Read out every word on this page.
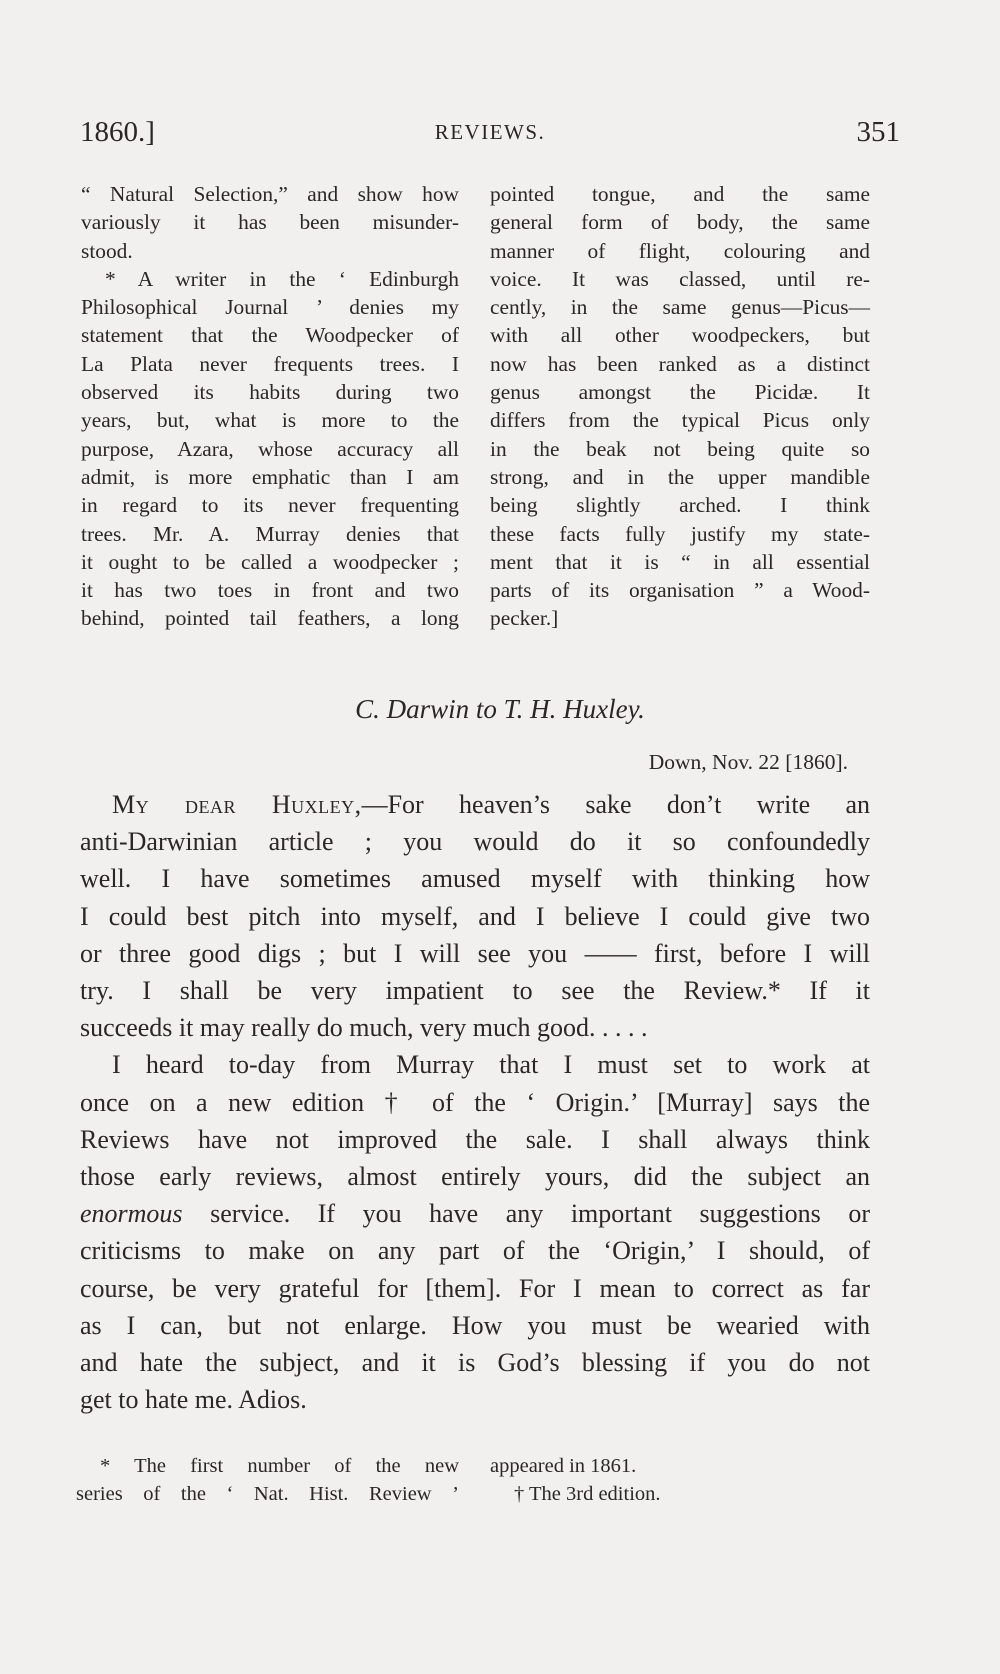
1860.]	REVIEWS.	351

“ Natural Selection,” and show how

variously it has been misunder-

stood.

* A writer in the ‘ Edinburgh

Philosophical Journal ’ denies my

statement that the Woodpecker of

La Plata never frequents trees. I

observed its habits during two

years, but, what is more to the

purpose, Azara, whose accuracy all

admit, is more emphatic than I am

in regard to its never frequenting

trees. Mr. A. Murray denies that

it ought to be called a woodpecker ;

it has two toes in front and two

behind, pointed tail feathers, a long

pointed tongue, and the same

general form of body, the same

manner of flight, colouring and

voice. It was classed, until re-

cently, in the same genus—Picus—

with all other woodpeckers, but

now has been ranked as a distinct

genus amongst the Picidæ. It

differs from the typical Picus only

in the beak not being quite so

strong, and in the upper mandible

being slightly arched. I think

these facts fully justify my state-

ment that it is “ in all essential

parts of its organisation ” a Wood-

pecker.]

C. Darwin to T. H. Huxley.
Down, Nov. 22 [1860].

My dear Huxley,—For heaven’s sake don’t write an

anti-Darwinian article ; you would do it so confoundedly

well. I have sometimes amused myself with thinking how

I could best pitch into myself, and I believe I could give two

or three good digs ; but I will see you —— first, before I will

try. I shall be very impatient to see the Review.* If it

succeeds it may really do much, very much good. . . . .

I heard to-day from Murray that I must set to work at

once on a new edition † of the ‘ Origin.’ [Murray] says the

Reviews have not improved the sale. I shall always think

those early reviews, almost entirely yours, did the subject an

enormous service. If you have any important suggestions or

criticisms to make on any part of the ‘Origin,’ I should, of

course, be very grateful for [them]. For I mean to correct as far

as I can, but not enlarge. How you must be wearied with

and hate the subject, and it is God’s blessing if you do not

get to hate me. Adios.

* The first number of the new

series of the ‘ Nat. Hist. Review ’

appeared in 1861.

† The 3rd edition.
